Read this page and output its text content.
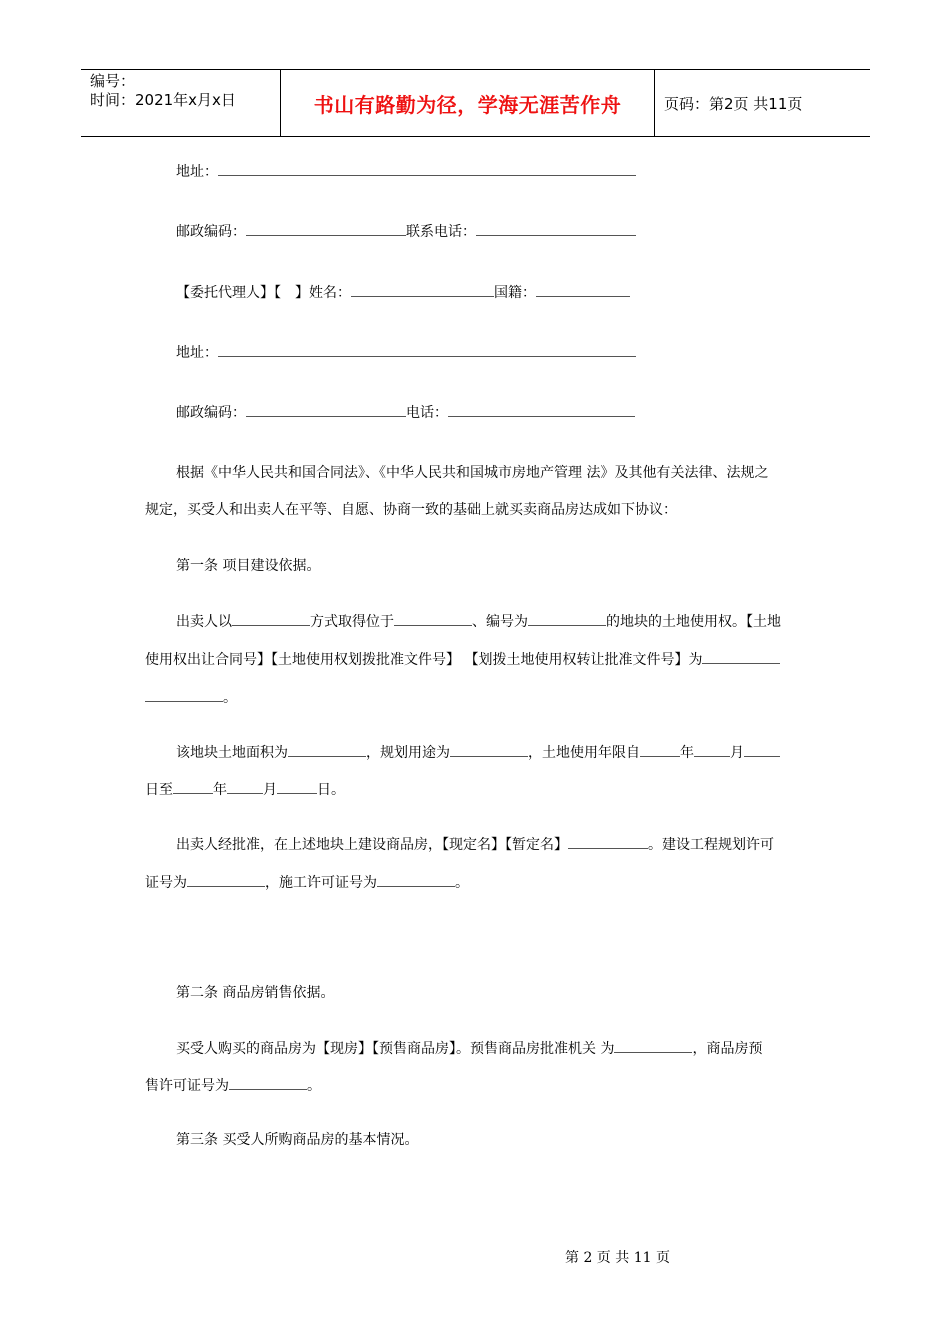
编号：
时间：2021年x月x日	书山有路勤为径，学海无涯苦作舟	页码：第2页 共11页
地址：
邮政编码：	联系电话：
【委托代理人】【　】姓名：	国籍：
地址：
邮政编码：	电话：
根据《中华人民共和国合同法》、《中华人民共和国城市房地产管理 法》及其他有关法律、法规之
规定，买受人和出卖人在平等、自愿、协商一致的基础上就买卖商品房达成如下协议：
第一条 项目建设依据。
出卖人以	方式取得位于	、编号为	的地块的土地使用权。【土地
使用权出让合同号】【土地使用权划拨批准文件号】 【划拨土地使用权转让批准文件号】为
。
该地块土地面积为	，规划用途为	，土地使用年限自	年	月
日至	年	月	日。
出卖人经批准，在上述地块上建设商品房，【现定名】【暂定名】	。建设工程规划许可
证号为	，施工许可证号为	。
第二条 商品房销售依据。
买受人购买的商品房为【现房】【预售商品房】。预售商品房批准机关 为	，商品房预
售许可证号为	。
第三条 买受人所购商品房的基本情况。
第 2 页 共 11 页
